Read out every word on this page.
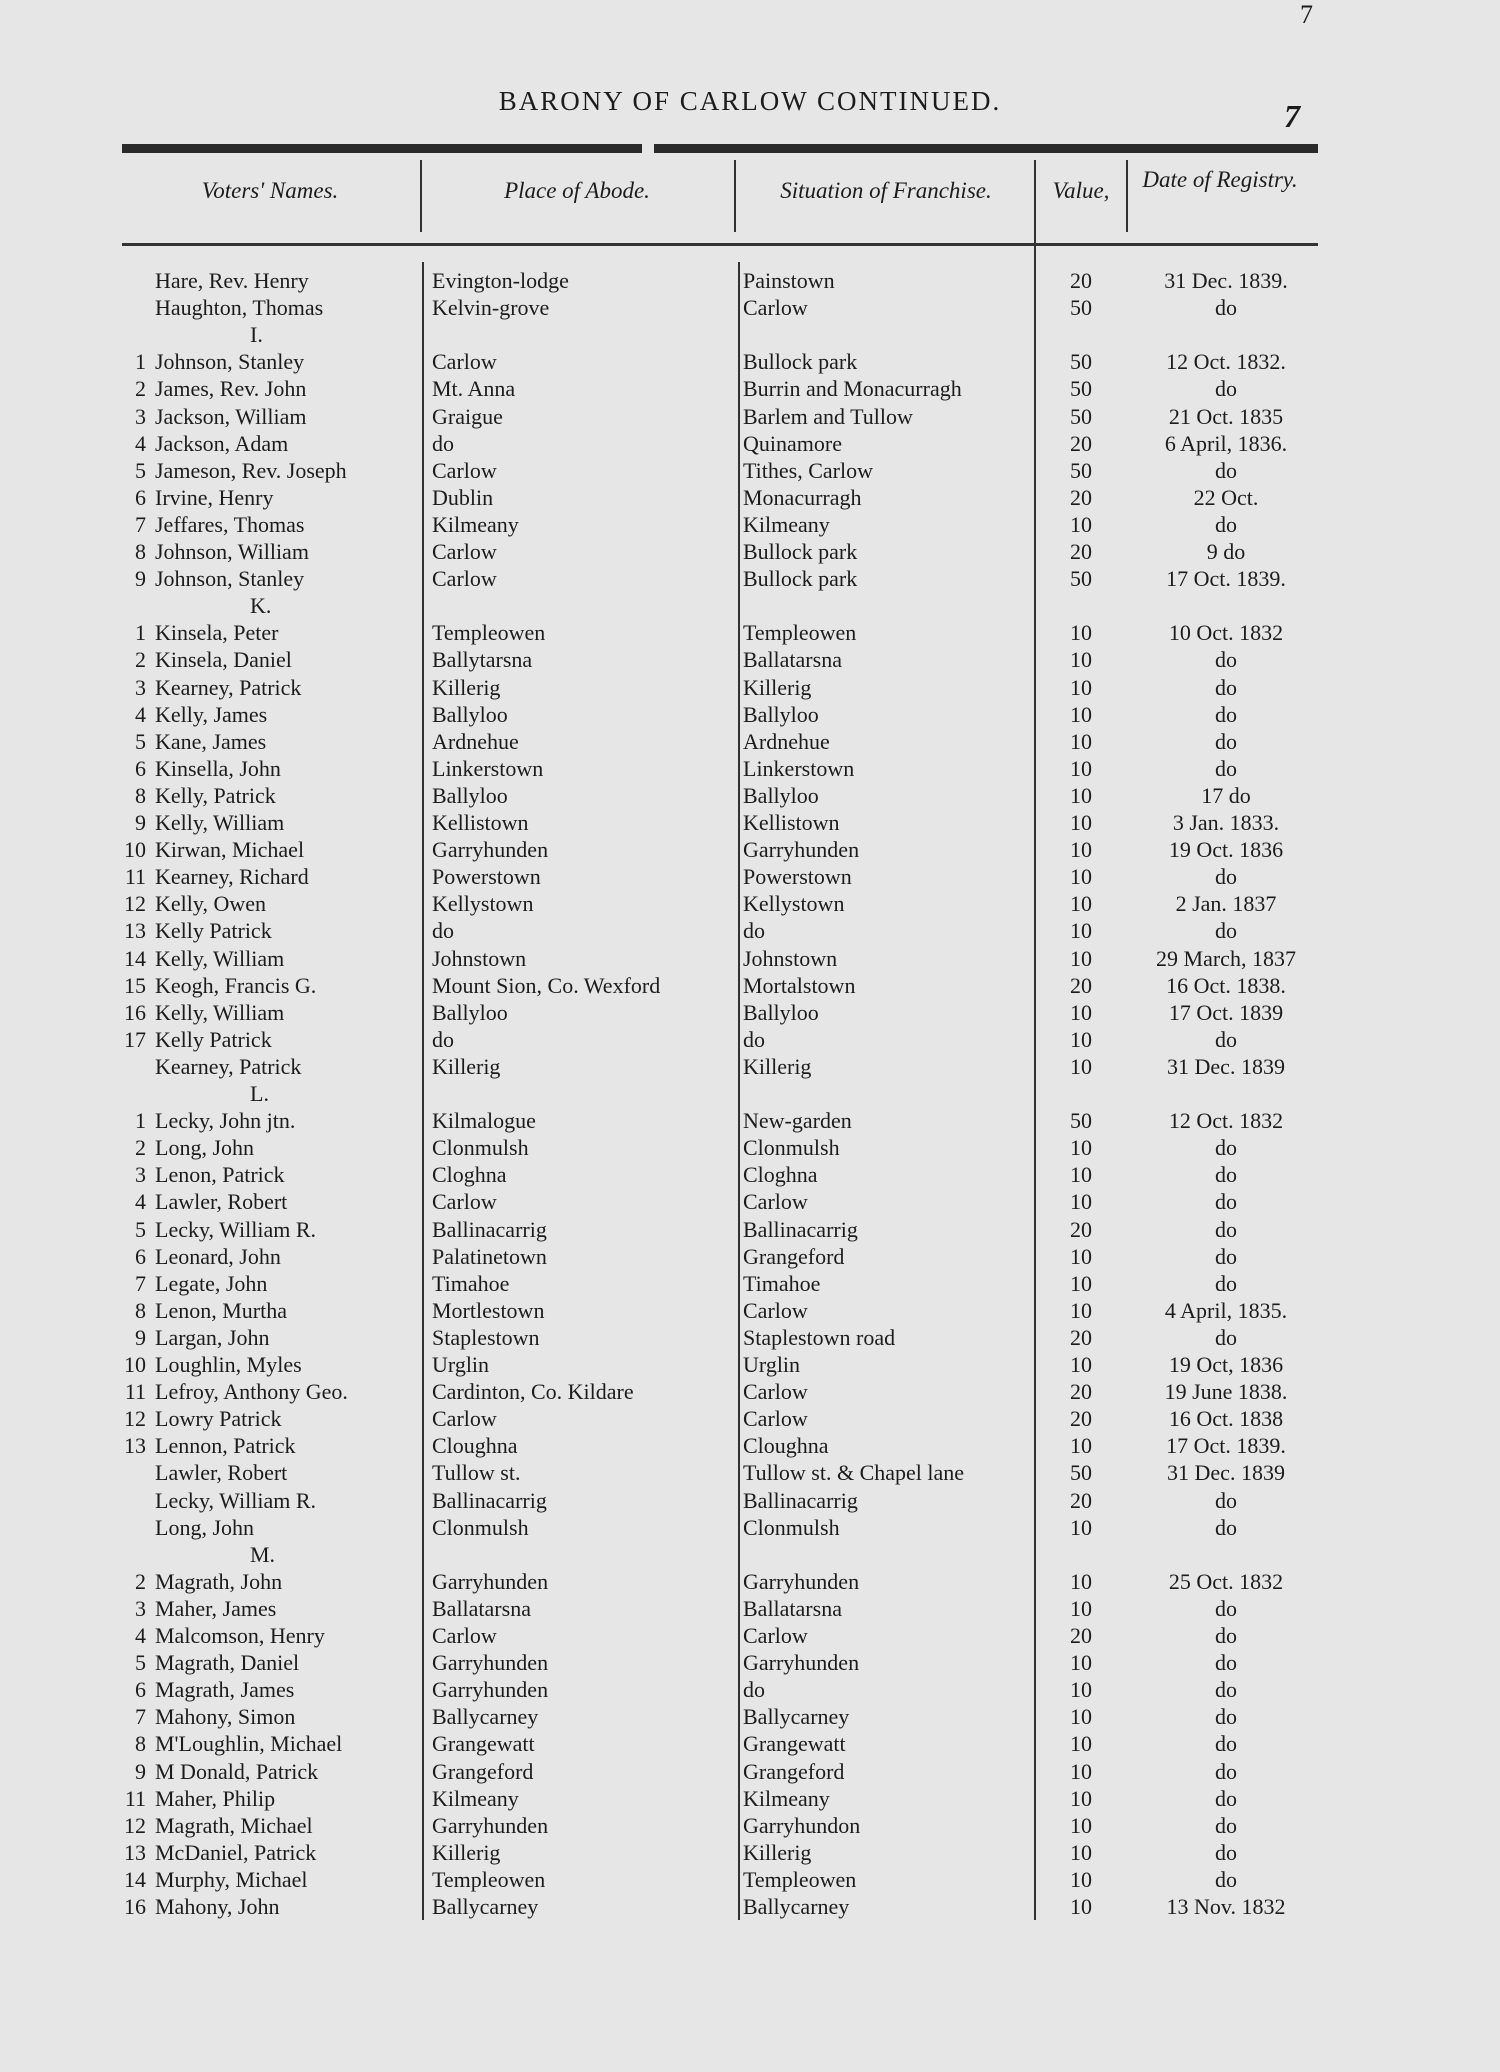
7
BARONY OF CARLOW CONTINUED.	7
Voters' Names.	Place of Abode.	Situation of Franchise.	Value,	Date of Registry.
Hare, Rev. Henry	Evington-lodge	Painstown	20	31 Dec. 1839.
Haughton, Thomas	Kelvin-grove	Carlow	50	do
I.
1 Johnson, Stanley	Carlow	Bullock park	50	12 Oct. 1832.
2 James, Rev. John	Mt. Anna	Burrin and Monacurragh	50	do
3 Jackson, William	Graigue	Barlem and Tullow	50	21 Oct. 1835
4 Jackson, Adam	do	Quinamore	20	6 April, 1836.
5 Jameson, Rev. Joseph	Carlow	Tithes, Carlow	50	do
6 Irvine, Henry	Dublin	Monacurragh	20	22 Oct.
7 Jeffares, Thomas	Kilmeany	Kilmeany	10	do
8 Johnson, William	Carlow	Bullock park	20	9 do
9 Johnson, Stanley	Carlow	Bullock park	50	17 Oct. 1839.
K.
1 Kinsela, Peter	Templeowen	Templeowen	10	10 Oct. 1832
2 Kinsela, Daniel	Ballytarsna	Ballatarsna	10	do
3 Kearney, Patrick	Killerig	Killerig	10	do
4 Kelly, James	Ballyloo	Ballyloo	10	do
5 Kane, James	Ardnehue	Ardnehue	10	do
6 Kinsella, John	Linkerstown	Linkerstown	10	do
8 Kelly, Patrick	Ballyloo	Ballyloo	10	17 do
9 Kelly, William	Kellistown	Kellistown	10	3 Jan. 1833.
10 Kirwan, Michael	Garryhunden	Garryhunden	10	19 Oct. 1836
11 Kearney, Richard	Powerstown	Powerstown	10	do
12 Kelly, Owen	Kellystown	Kellystown	10	2 Jan. 1837
13 Kelly Patrick	do	do	10	do
14 Kelly, William	Johnstown	Johnstown	10	29 March, 1837
15 Keogh, Francis G.	Mount Sion, Co. Wexford	Mortalstown	20	16 Oct. 1838.
16 Kelly, William	Ballyloo	Ballyloo	10	17 Oct. 1839
17 Kelly Patrick	do	do	10	do
Kearney, Patrick	Killerig	Killerig	10	31 Dec. 1839
L.
1 Lecky, John jtn.	Kilmalogue	New-garden	50	12 Oct. 1832
2 Long, John	Clonmulsh	Clonmulsh	10	do
3 Lenon, Patrick	Cloghna	Cloghna	10	do
4 Lawler, Robert	Carlow	Carlow	10	do
5 Lecky, William R.	Ballinacarrig	Ballinacarrig	20	do
6 Leonard, John	Palatinetown	Grangeford	10	do
7 Legate, John	Timahoe	Timahoe	10	do
8 Lenon, Murtha	Mortlestown	Carlow	10	4 April, 1835.
9 Largan, John	Staplestown	Staplestown road	20	do
10 Loughlin, Myles	Urglin	Urglin	10	19 Oct, 1836
11 Lefroy, Anthony Geo.	Cardinton, Co. Kildare	Carlow	20	19 June 1838.
12 Lowry Patrick	Carlow	Carlow	20	16 Oct. 1838
13 Lennon, Patrick	Cloughna	Cloughna	10	17 Oct. 1839.
Lawler, Robert	Tullow st.	Tullow st. & Chapel lane	50	31 Dec. 1839
Lecky, William R.	Ballinacarrig	Ballinacarrig	20	do
Long, John	Clonmulsh	Clonmulsh	10	do
M.
2 Magrath, John	Garryhunden	Garryhunden	10	25 Oct. 1832
3 Maher, James	Ballatarsna	Ballatarsna	10	do
4 Malcomson, Henry	Carlow	Carlow	20	do
5 Magrath, Daniel	Garryhunden	Garryhunden	10	do
6 Magrath, James	Garryhunden	do	10	do
7 Mahony, Simon	Ballycarney	Ballycarney	10	do
8 M'Loughlin, Michael	Grangewatt	Grangewatt	10	do
9 M Donald, Patrick	Grangeford	Grangeford	10	do
11 Maher, Philip	Kilmeany	Kilmeany	10	do
12 Magrath, Michael	Garryhunden	Garryhundon	10	do
13 McDaniel, Patrick	Killerig	Killerig	10	do
14 Murphy, Michael	Templeowen	Templeowen	10	do
16 Mahony, John	Ballycarney	Ballycarney	10	13 Nov. 1832
